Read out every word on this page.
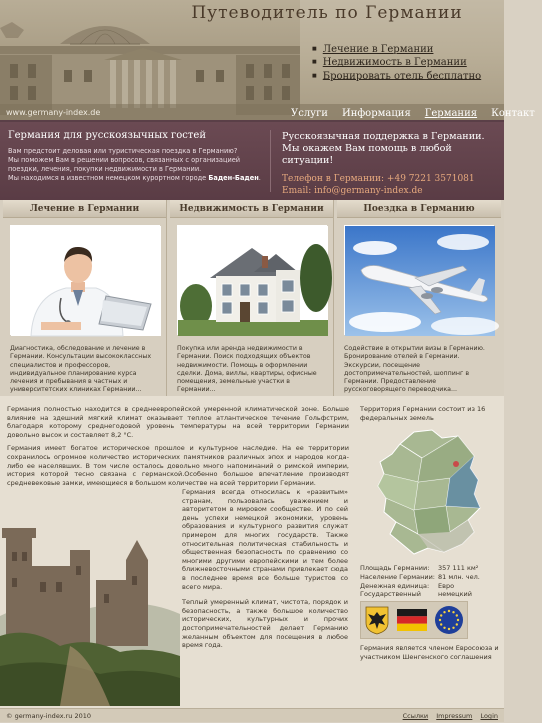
Путеводитель по Германии
■ Лечение в Германии
■ Недвижимость в Германии
■ Бронировать отель бесплатно
www.germany-index.de	Услуги	Информация	Германия	Контакт
Германия для русскоязычных гостей

Вам предстоит деловая или туристическая поездка в Германию?
Мы поможем Вам в решении вопросов, связанных с организацией
поездки, лечения, покупки недвижимости в Германии.
Мы находимся в известном немецком курортном городе Баден-Баден.

Русскоязычная поддержка в Германии.
Мы окажем Вам помощь в любой ситуации!
Телефон в Германии: +49 7221 3571081
Email: info@germany-index.de
Лечение в Германии
Диагностика, обследование и лечение в Германии. Консультации высококлассных специалистов и профессоров, индивидуальное планирование курса лечения и пребывания в частных и университетских клиниках Германии...
Недвижимость в Германии
Покупка или аренда недвижимости в Германии. Поиск подходящих объектов недвижимости. Помощь в оформлении сделки. Дома, виллы, квартиры, офисные помещения, земельные участки в Германии...
Поездка в Германию
Содействие в открытии визы в Германию. Бронирование отелей в Германии. Экскурсии, посещение достопримечательностей, шоппинг в Германии. Предоставление русскоговорящего переводчика...

Германия полностью находится в среднеевропейской умеренной климатической зоне. Больше влияние на здешний мягкий климат оказывает теплое атлантическое течение Гольфстрим, благодаря которому среднегодовой уровень температуры на всей территории Германии довольно высок и составляет 8,2 °C.

Германия имеет богатое историческое прошлое и культурное наследие. На ее территории сохранилось огромное количество исторических памятников различных эпох и народов когда-либо ее населявших. В том числе осталось довольно много напоминаний о римской империи, история которой тесно связана с германской.Особенно большое впечатление производят средневековые замки, имеющиеся в большом количестве на всей территории Германии.

Германия всегда относилась к «развитым» странам, пользовалась уважением и авторитетом в мировом сообществе. И по сей день успехи немецкой экономики, уровень образования и культурного развития служат примером для многих государств. Также относительная политическая стабильность и общественная безопасность по сравнению со многими другими европейскими и тем более ближневосточными странами привлекает сюда в последнее время все больше туристов со всего мира.

Теплый умеренный климат, чистота, порядок и безопасность, а также большое количество исторических, культурных и прочих достопримечательностей делает Германию желанным объектом для посещения в любое время года.

Территория Германии состоит из 16 федеральных земель
Площадь Германии:	357 111 км²
Население Германии: 81 млн. чел.
Денежная единица:	Евро
Государственный	немецкий
Германия является членом Евросоюза и участником Шенгенского соглашения
© germany-index.ru 2010	Ссылки Impressum Login
